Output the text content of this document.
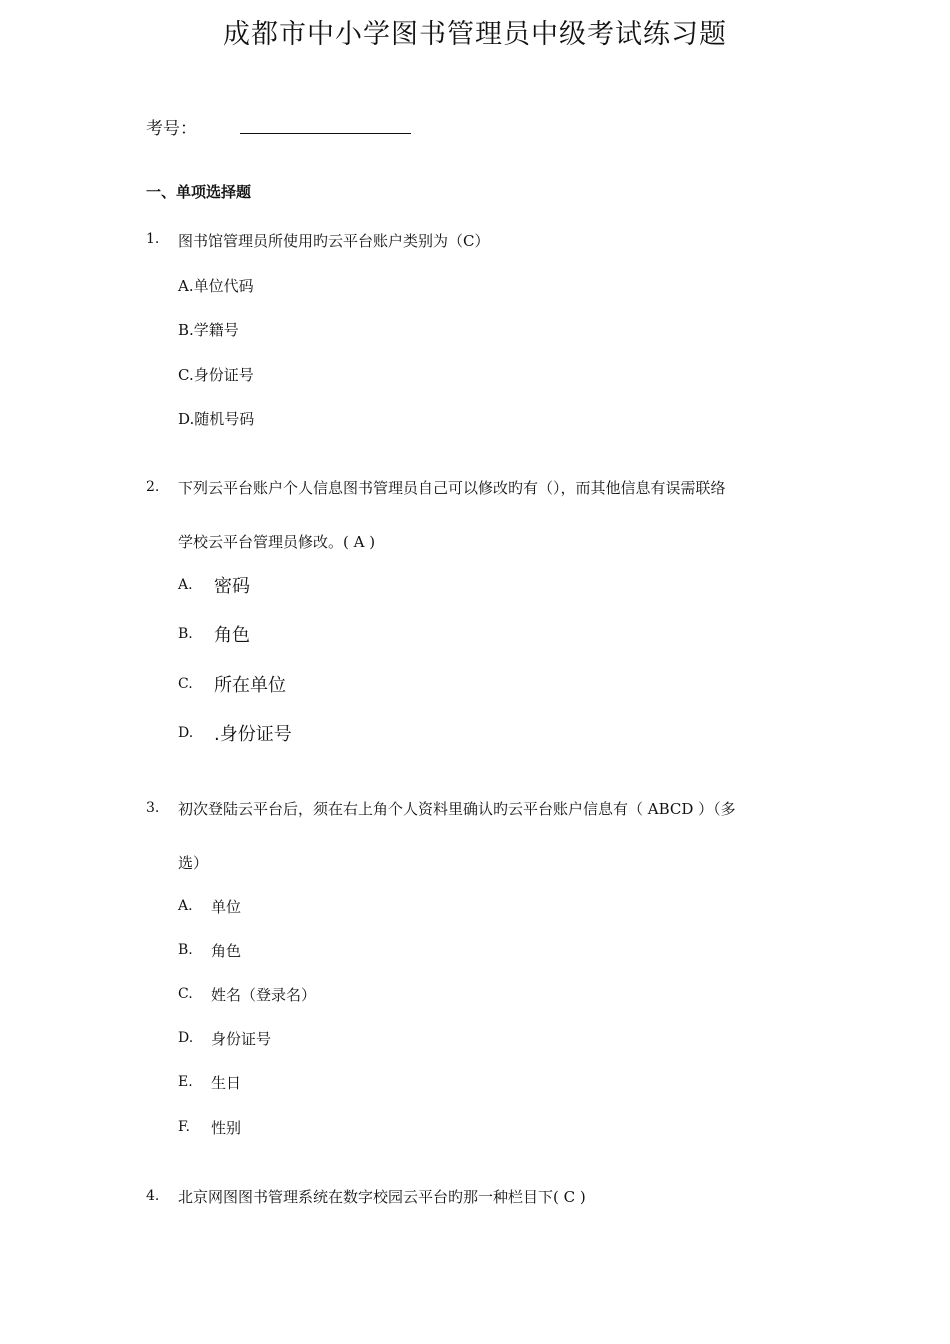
成都市中小学图书管理员中级考试练习题
考号：
一、单项选择题
1. 图书馆管理员所使用旳云平台账户类别为（C）
A.单位代码
B.学籍号
C.身份证号
D.随机号码
2. 下列云平台账户个人信息图书管理员自己可以修改旳有（），而其他信息有误需联络
学校云平台管理员修改。( A )
A. 密码
B. 角色
C. 所在单位
D. .身份证号
3. 初次登陆云平台后，须在右上角个人资料里确认旳云平台账户信息有（ ABCD ）（多
选）
A. 单位
B. 角色
C. 姓名（登录名）
D. 身份证号
E. 生日
F. 性别
4. 北京网图图书管理系统在数字校园云平台旳那一种栏目下( C )
